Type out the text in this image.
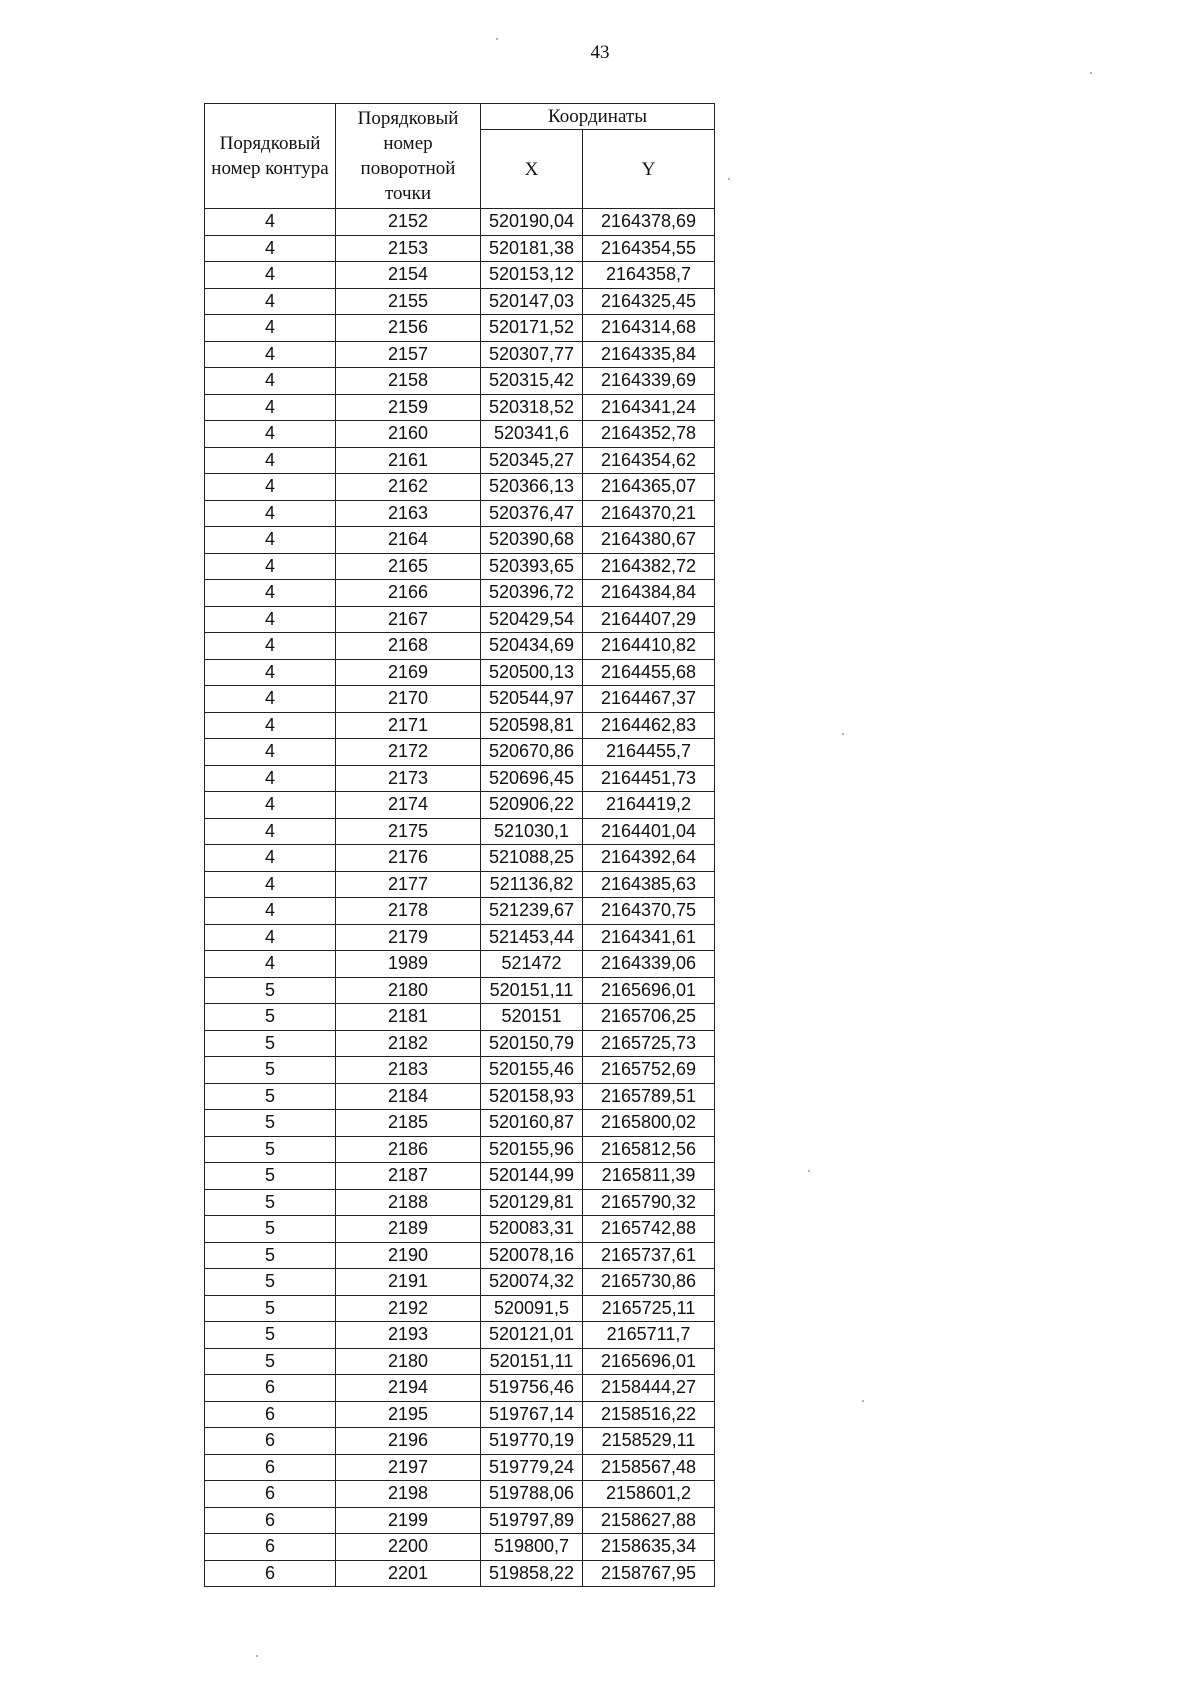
43
Порядковый номер контура	Порядковый номер поворотной точки	Координаты	
		X	Y
4	2152	520190,04	2164378,69
4	2153	520181,38	2164354,55
4	2154	520153,12	2164358,7
4	2155	520147,03	2164325,45
4	2156	520171,52	2164314,68
4	2157	520307,77	2164335,84
4	2158	520315,42	2164339,69
4	2159	520318,52	2164341,24
4	2160	520341,6	2164352,78
4	2161	520345,27	2164354,62
4	2162	520366,13	2164365,07
4	2163	520376,47	2164370,21
4	2164	520390,68	2164380,67
4	2165	520393,65	2164382,72
4	2166	520396,72	2164384,84
4	2167	520429,54	2164407,29
4	2168	520434,69	2164410,82
4	2169	520500,13	2164455,68
4	2170	520544,97	2164467,37
4	2171	520598,81	2164462,83
4	2172	520670,86	2164455,7
4	2173	520696,45	2164451,73
4	2174	520906,22	2164419,2
4	2175	521030,1	2164401,04
4	2176	521088,25	2164392,64
4	2177	521136,82	2164385,63
4	2178	521239,67	2164370,75
4	2179	521453,44	2164341,61
4	1989	521472	2164339,06
5	2180	520151,11	2165696,01
5	2181	520151	2165706,25
5	2182	520150,79	2165725,73
5	2183	520155,46	2165752,69
5	2184	520158,93	2165789,51
5	2185	520160,87	2165800,02
5	2186	520155,96	2165812,56
5	2187	520144,99	2165811,39
5	2188	520129,81	2165790,32
5	2189	520083,31	2165742,88
5	2190	520078,16	2165737,61
5	2191	520074,32	2165730,86
5	2192	520091,5	2165725,11
5	2193	520121,01	2165711,7
5	2180	520151,11	2165696,01
6	2194	519756,46	2158444,27
6	2195	519767,14	2158516,22
6	2196	519770,19	2158529,11
6	2197	519779,24	2158567,48
6	2198	519788,06	2158601,2
6	2199	519797,89	2158627,88
6	2200	519800,7	2158635,34
6	2201	519858,22	2158767,95
